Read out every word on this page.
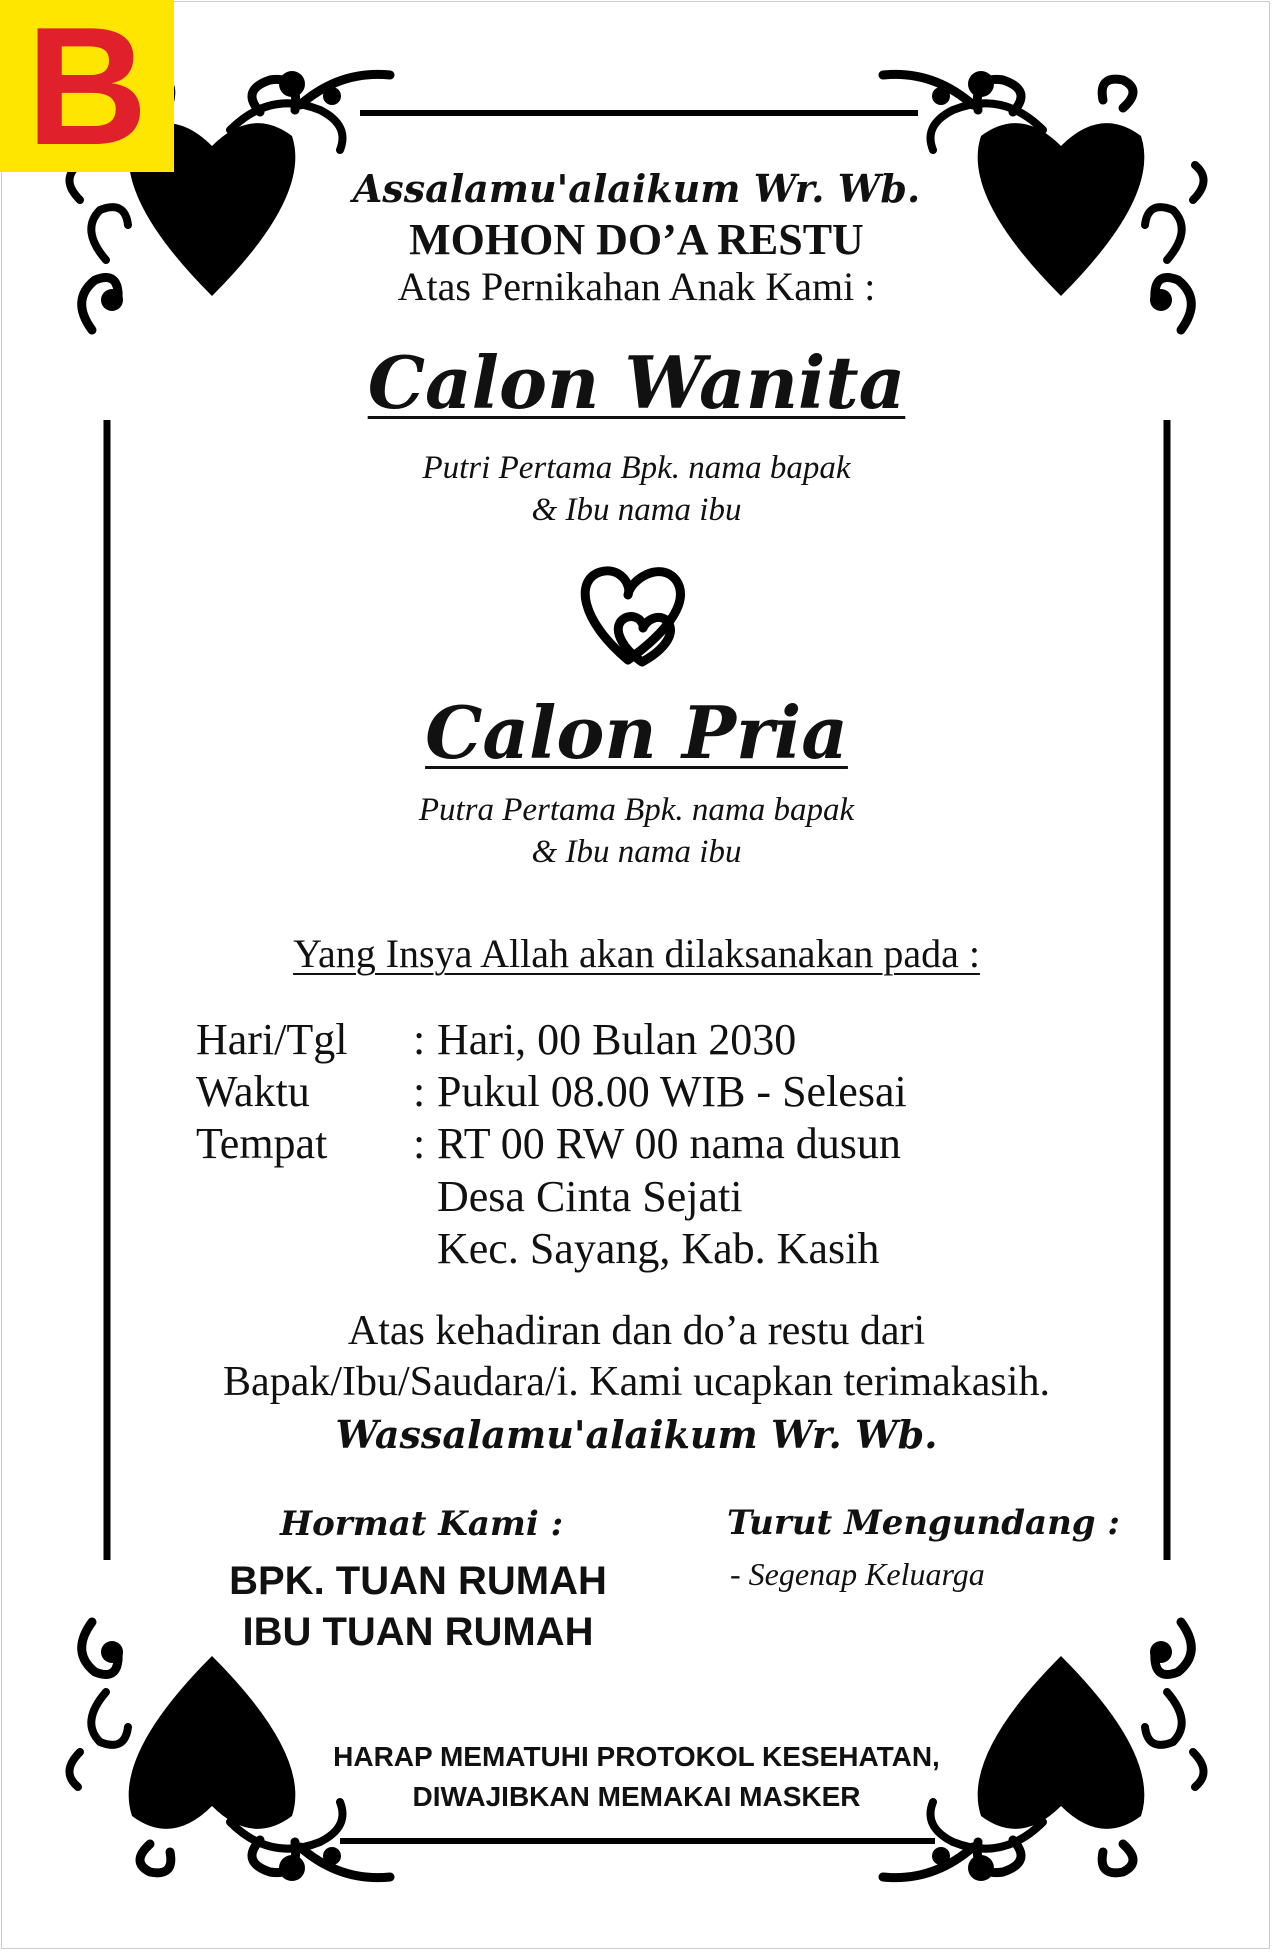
B
Assalamu'alaikum Wr. Wb.
MOHON DO’A RESTU
Atas Pernikahan Anak Kami :
Calon Wanita
Putri Pertama Bpk. nama bapak
& Ibu nama ibu
Calon Pria
Putra Pertama Bpk. nama bapak
& Ibu nama ibu
Yang Insya Allah akan dilaksanakan pada :
Hari/Tgl : Hari, 00 Bulan 2030
Waktu : Pukul 08.00 WIB - Selesai
Tempat : RT 00 RW 00 nama dusun
Desa Cinta Sejati
Kec. Sayang, Kab. Kasih
Atas kehadiran dan do’a restu dari
Bapak/Ibu/Saudara/i. Kami ucapkan terimakasih.
Wassalamu'alaikum Wr. Wb.
Hormat Kami :
BPK. TUAN RUMAH
IBU TUAN RUMAH
Turut Mengundang :
- Segenap Keluarga
HARAP MEMATUHI PROTOKOL KESEHATAN,
DIWAJIBKAN MEMAKAI MASKER
